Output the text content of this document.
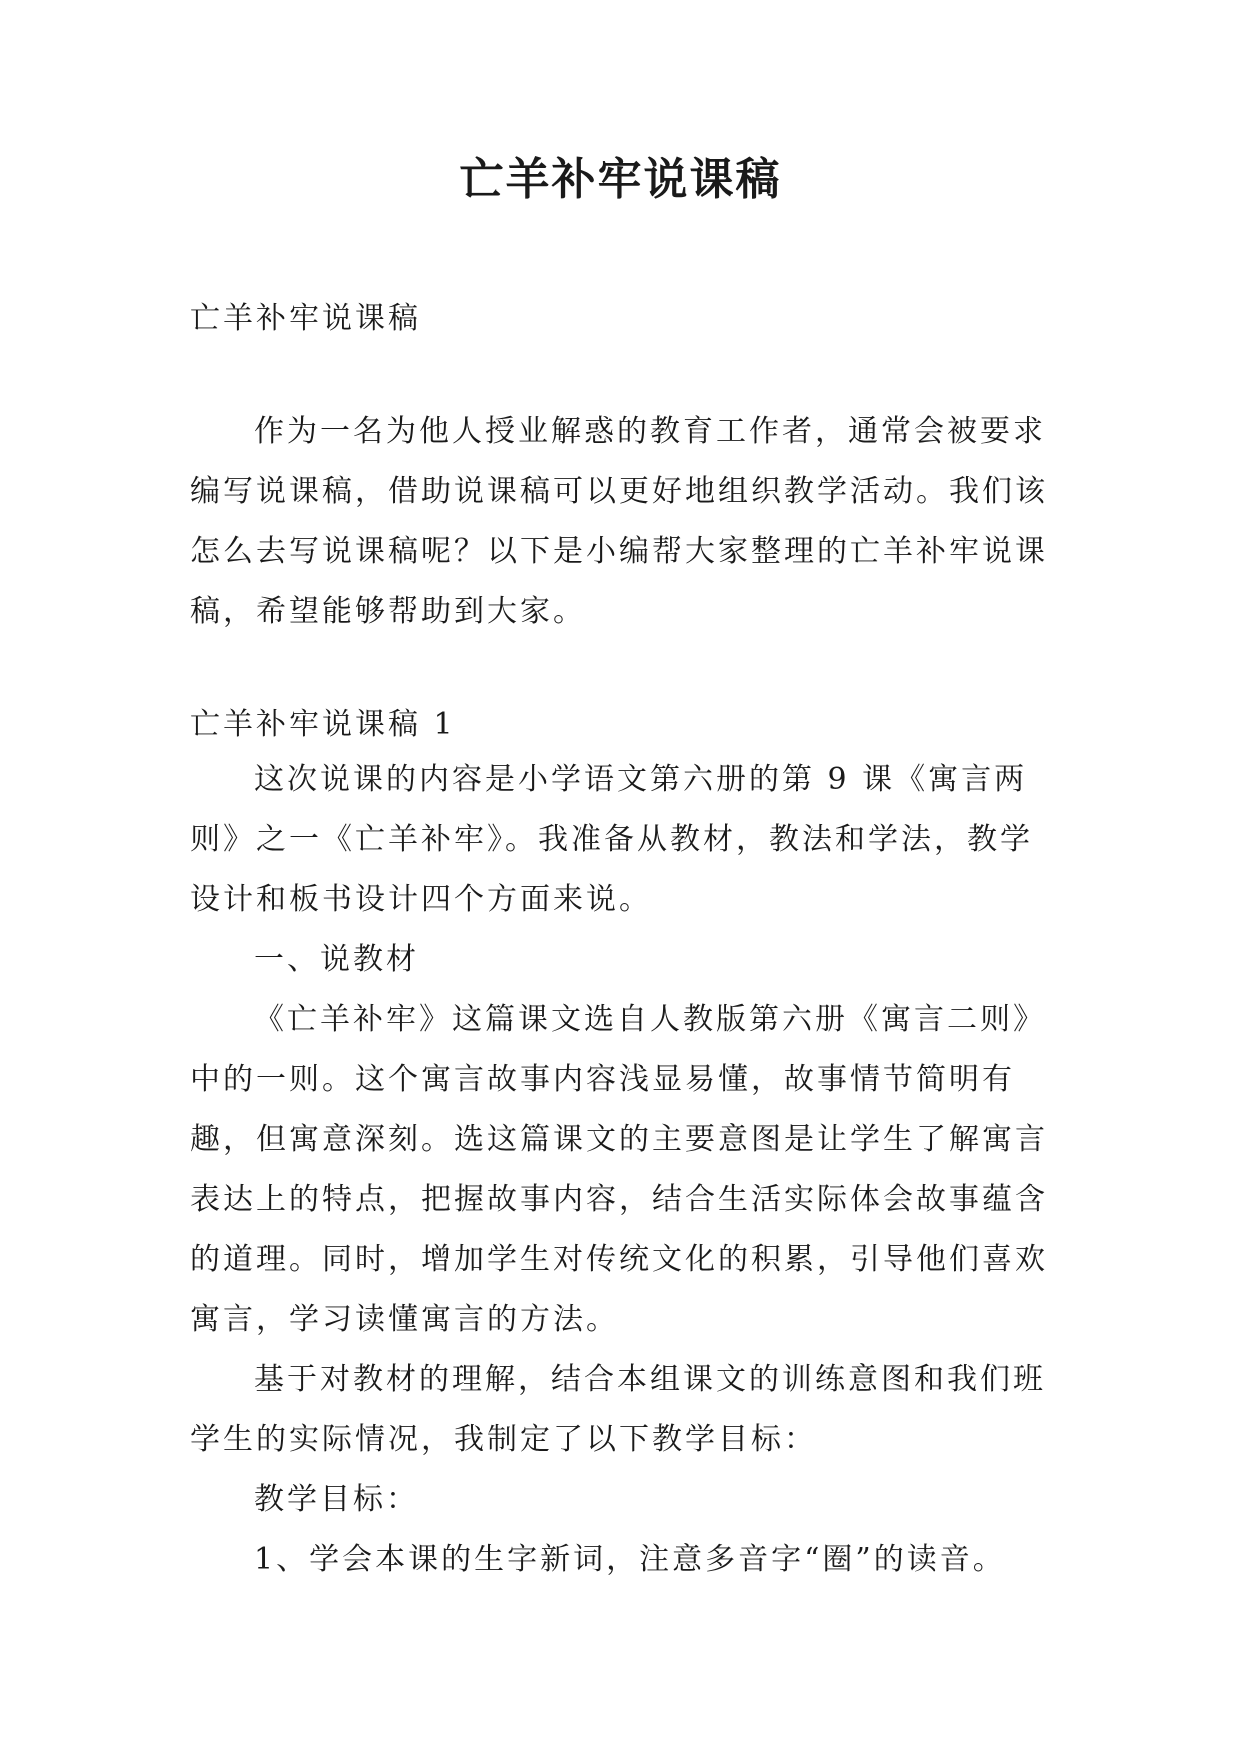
亡羊补牢说课稿

亡羊补牢说课稿

作为一名为他人授业解惑的教育工作者，通常会被要求编写说课稿，借助说课稿可以更好地组织教学活动。我们该怎么去写说课稿呢？以下是小编帮大家整理的亡羊补牢说课稿，希望能够帮助到大家。

亡羊补牢说课稿 1

这次说课的内容是小学语文第六册的第 9 课《寓言两则》之一《亡羊补牢》。我准备从教材，教法和学法，教学设计和板书设计四个方面来说。

一、说教材

《亡羊补牢》这篇课文选自人教版第六册《寓言二则》中的一则。这个寓言故事内容浅显易懂，故事情节简明有趣，但寓意深刻。选这篇课文的主要意图是让学生了解寓言表达上的特点，把握故事内容，结合生活实际体会故事蕴含的道理。同时，增加学生对传统文化的积累，引导他们喜欢寓言，学习读懂寓言的方法。

基于对教材的理解，结合本组课文的训练意图和我们班学生的实际情况，我制定了以下教学目标：

教学目标：

1、学会本课的生字新词，注意多音字“圈”的读音。
